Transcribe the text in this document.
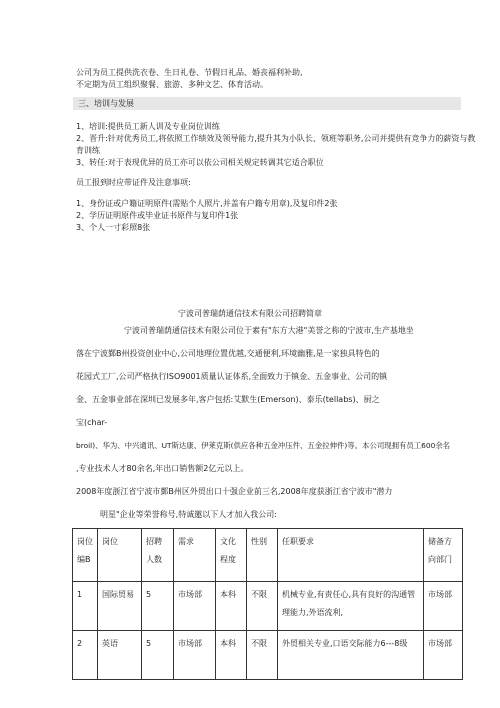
公司为员工提供洗衣卷、生日礼卷、节假日礼品、婚丧福利补助,
不定期为员工组织聚餐、旅游、多种文艺、体育活动。
三、培训与发展
1、培训:提供员工新人训及专业岗位训练
2、晋升:针对优秀员工,将依照工作绩效及领导能力,提升其为小队长、领班等职务,公司并提供有竞争力的薪资与教
育训练
3、转任:对于表现优异的员工亦可以依公司相关规定转调其它适合职位
员工报到时应带证件及注意事项:
1、身份证或户籍证明原件(需贴个人照片,并盖有户籍专用章),及复印件2张
2、学历证明原件或毕业证书原件与复印件1张
3、个人一寸彩照8张
宁波司普瑞荫通信技术有限公司招聘简章
宁波司普瑞荫通信技术有限公司位于素有"东方大港"美誉之称的宁波市,生产基地坐
落在宁波鄞B州投资创业中心,公司地理位置优越,交通便利,环境幽雅,是一家独具特色的
花园式工厂,公司严格执行ISO9001质量认证体系,全面致力于镇金、五金事业、公司的镇
金、五金事业部在深圳已发展多年,客户包括:艾默生(Emerson)、泰乐(tellabs)、厨之
宝(char-
broil)、华为、中兴通讯、UT斯达康、伊莱克斯(供应各种五金冲压件、五金拉伸件)等。本公司现拥有员工600余名
,专业技术人才80余名,年出口销售额2亿元以上。
2008年度浙江省宁波市鄞B州区外贸出口十强企业前三名,2008年度获浙江省宁波市"潜力
明星"企业等荣誉称号,特诚邀以下人才加入我公司:
岗位编B	岗位	招聘人数	需求	文化程度	性别	任职要求	储备方向部门
1	国际贸易	5	市场部	本科	不限	机械专业,有责任心,具有良好的沟通管理能力,外语流利,	市场部
2	英语	5	市场部	本科	不限	外贸相关专业,口语交际能力6---8级	市场部
